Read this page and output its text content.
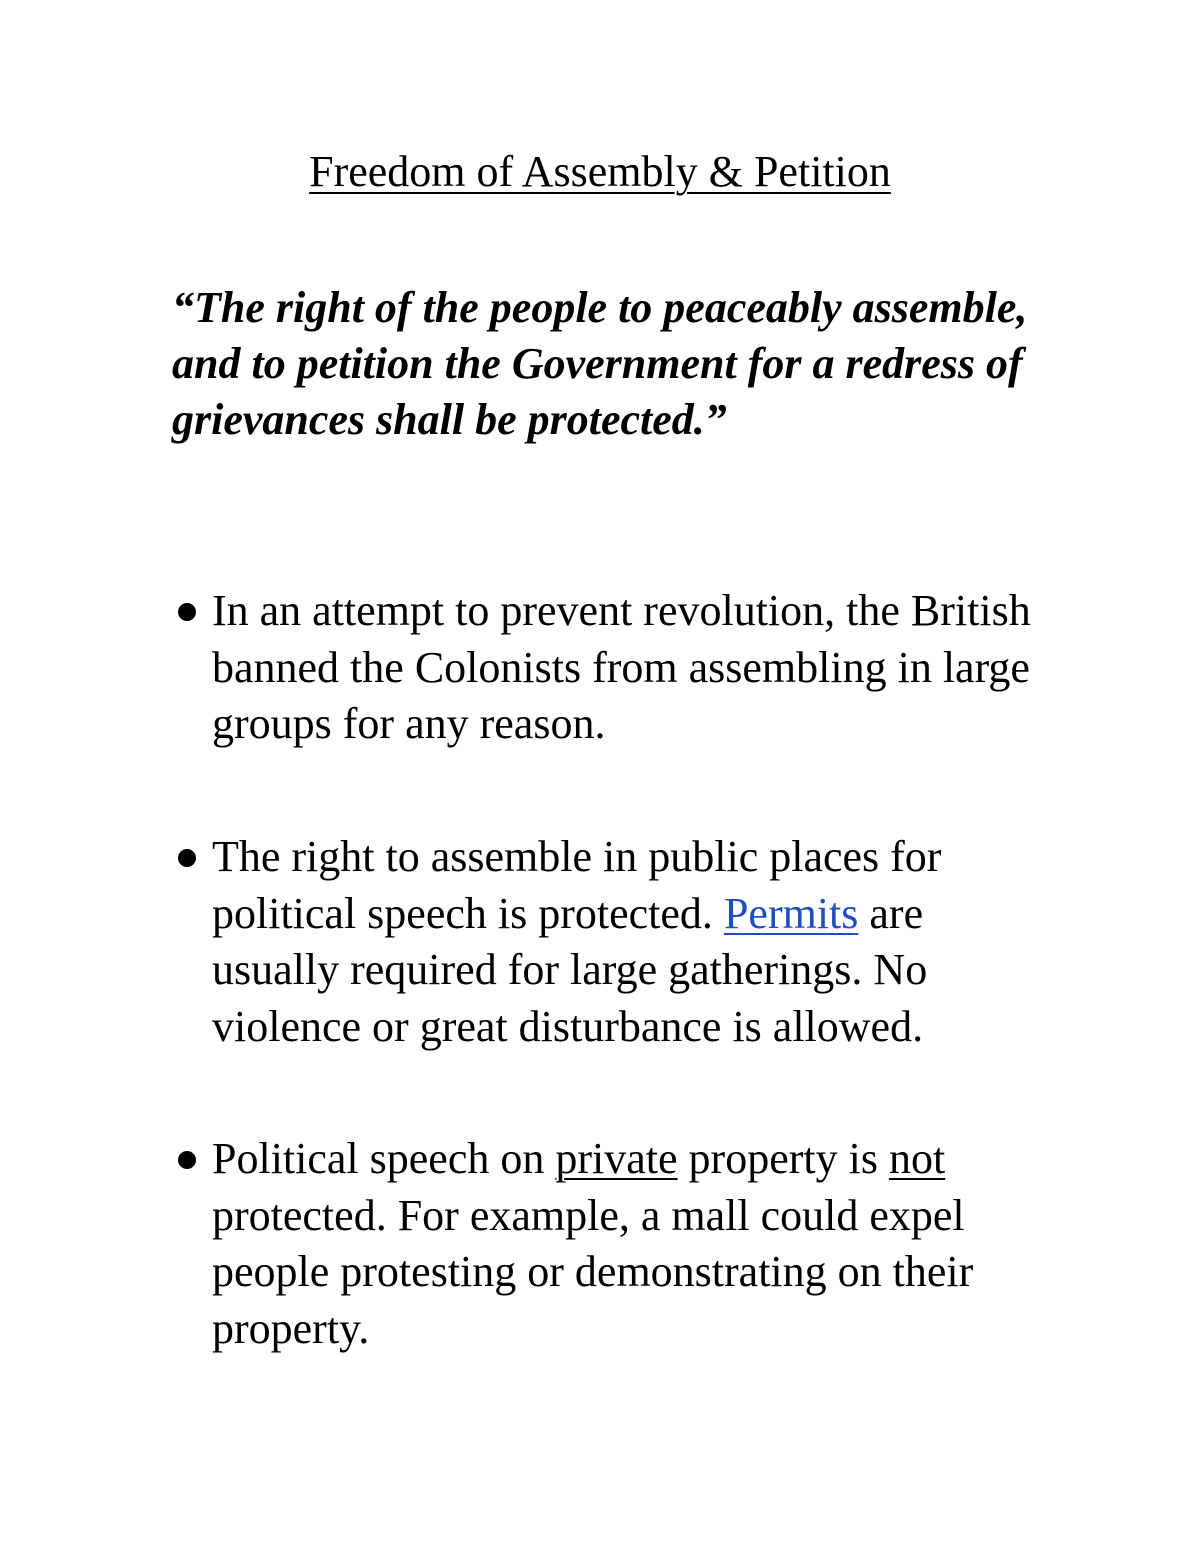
Freedom of Assembly & Petition

“The right of the people to peaceably assemble, and to petition the Government for a redress of grievances shall be protected.”

In an attempt to prevent revolution, the British banned the Colonists from assembling in large groups for any reason.
The right to assemble in public places for political speech is protected. Permits are usually required for large gatherings. No violence or great disturbance is allowed.
Political speech on private property is not protected. For example, a mall could expel people protesting or demonstrating on their property.
